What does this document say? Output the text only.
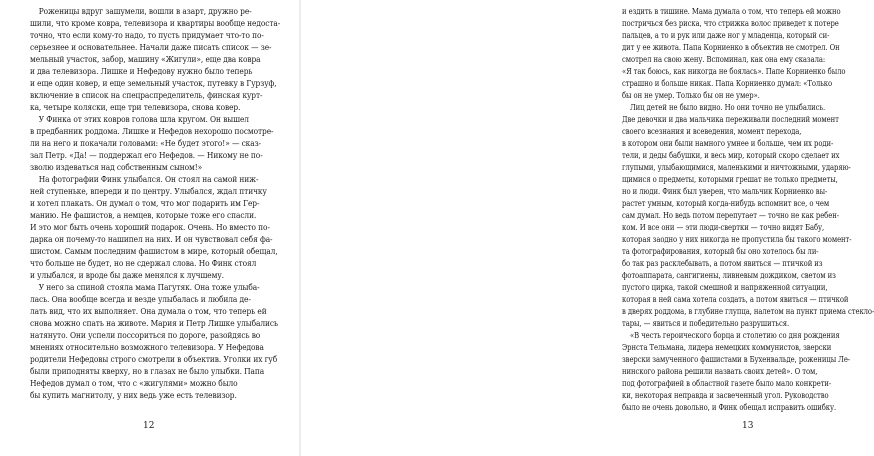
Роженицы вдруг зашумели, вошли в азарт, дружно ре-
шили, что кроме ковра, телевизора и квартиры вообще недоста-
точно, что если кому-то надо, то пусть придумает что-то по-
серьезнее и основательнее. Начали даже писать список — зе-
мельный участок, забор, машину «Жигули», еще два ковра
и два телевизора. Лишке и Нефедову нужно было теперь
и еще один ковер, и еще земельный участок, путевку в Гурзуф,
включение в список на спецраспределитель, финская курт-
ка, четыре коляски, еще три телевизора, снова ковер.
У Финка от этих ковров голова шла кругом. Он вышел
в предбанник роддома. Лишке и Нефедов нехорошо посмотре-
ли на него и покачали головами: «Не будет этого!» — сказ-
зал Петр. «Да! — поддержал его Нефедов. — Никому не по-
зволю издеваться над собственным сыном!»
На фотографии Финк улыбался. Он стоял на самой ниж-
ней ступеньке, впереди и по центру. Улыбался, ждал птичку
и хотел плакать. Он думал о том, что мог подарить им Гер-
манию. Не фашистов, а немцев, которые тоже его спасли.
И это мог быть очень хороший подарок. Очень. Но вместо по-
дарка он почему-то нашипел на них. И он чувствовал себя фа-
шистом. Самым последним фашистом в мире, который обещал,
что больше не будет, но не сдержал слова. Но Финк стоял
и улыбался, и вроде бы даже менялся к лучшему.
У него за спиной стояла мама Пагутяк. Она тоже улыба-
лась. Она вообще всегда и везде улыбалась и любила де-
лать вид, что их выполняет. Она думала о том, что теперь ей
снова можно спать на животе. Мария и Петр Лишке улыбались
натянуто. Они успели поссориться по дороге, разойдясь во
мнениях относительно возможного телевизора. У Нефедова
родители Нефедовы строго смотрели в объектив. Уголки их губ
были приподняты кверху, но в глазах не было улыбки. Папа
Нефедов думал о том, что с «жигулями» можно было
бы купить магнитолу, у них ведь уже есть телевизор.
12
и ездить в тишине. Мама думала о том, что теперь ей можно
постричься без риска, что стрижка волос приведет к потере
пальцев, а то и рук или даже ног у младенца, который си-
дит у ее живота. Папа Корниенко в объектив не смотрел. Он
смотрел на свою жену. Вспоминал, как она ему сказала:
«Я так боюсь, как никогда не боялась». Папе Корниенко было
страшно и больше никак. Папа Корниенко думал: «Только
бы он не умер. Только бы он не умер».
Лиц детей не было видно. Но они точно не улыбались.
Две девочки и два мальчика переживали последний момент
своего всезнания и всеведения, момент перехода,
в котором они были намного умнее и больше, чем их роди-
тели, и деды бабушки, и весь мир, который скоро сделает их
глупыми, улыбающимися, маленькими и ничтожными, ударяю-
щимися о предметы, которыми грешат не только предметы,
но и люди. Финк был уверен, что мальчик Корниенко вы-
растет умным, который когда-нибудь вспомнит все, о чем
сам думал. Но ведь потом перепутает — точно не как ребен-
ком. И все они — эти люди-свертки — точно видят Бабу,
которая заодно у них никогда не пропустила бы такого момент-
та фотографирования, который бы оно хотелось бы ли-
бо так раз расклебывать, а потом явиться — птичкой из
фотоаппарата, сангигиены, ливневым дождиком, светом из
пустого цирка, такой смешной и напряженной ситуации,
которая в ней сама хотела создать, а потом явиться — птичкой
в дверях роддома, в глубине глупца, налетом на пункт приема стекло-
тары, — явиться и победительно разрушиться.
«В честь героического борца и столетию со дня рождения
Эрнста Тельмана, лидера немецких коммунистов, зверски
зверски замученного фашистами в Бухенвальде, роженицы Ле-
нинского района решили назвать своих детей». О том,
под фотографией в областной газете было мало конкрети-
ки, некоторая неправда и засвеченный угол. Руководство
было не очень довольно, и Финк обещал исправить ошибку.
13
